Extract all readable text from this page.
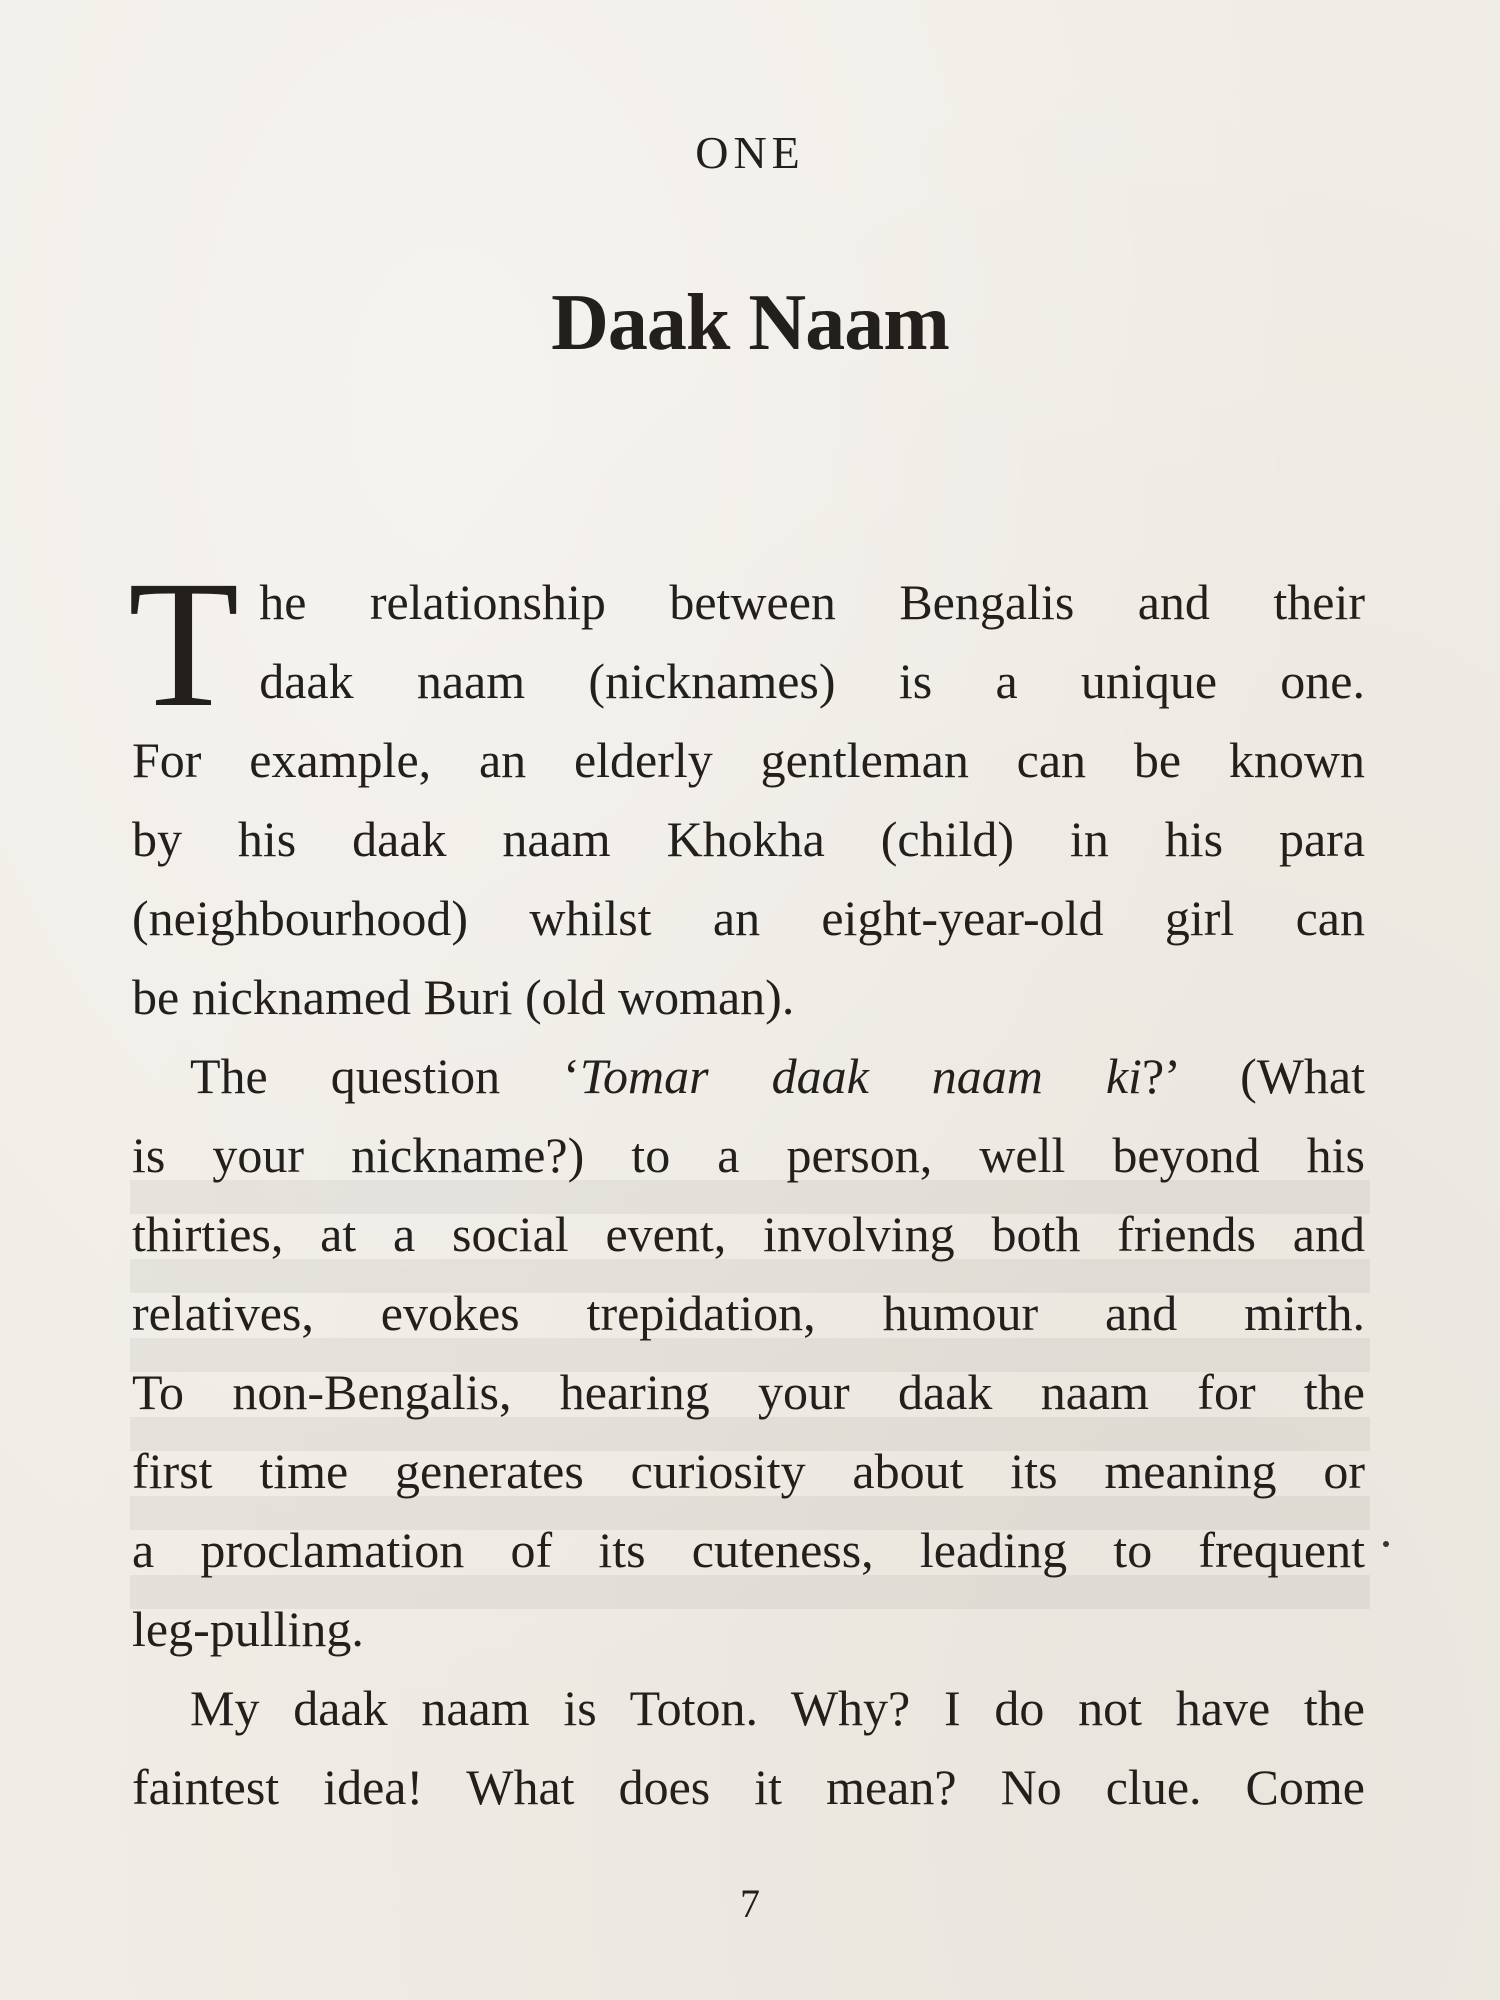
ONE
Daak Naam

T he relationship between Bengalis and their
daak naam (nicknames) is a unique one.
For example, an elderly gentleman can be known
by his daak naam Khokha (child) in his para
(neighbourhood) whilst an eight-year-old girl can
be nicknamed Buri (old woman).

The question ‘Tomar daak naam ki?’ (What
is your nickname?) to a person, well beyond his
thirties, at a social event, involving both friends and
relatives, evokes trepidation, humour and mirth.
To non-Bengalis, hearing your daak naam for the
first time generates curiosity about its meaning or
a proclamation of its cuteness, leading to frequent
leg-pulling.

My daak naam is Toton. Why? I do not have the
faintest idea! What does it mean? No clue. Come

7
